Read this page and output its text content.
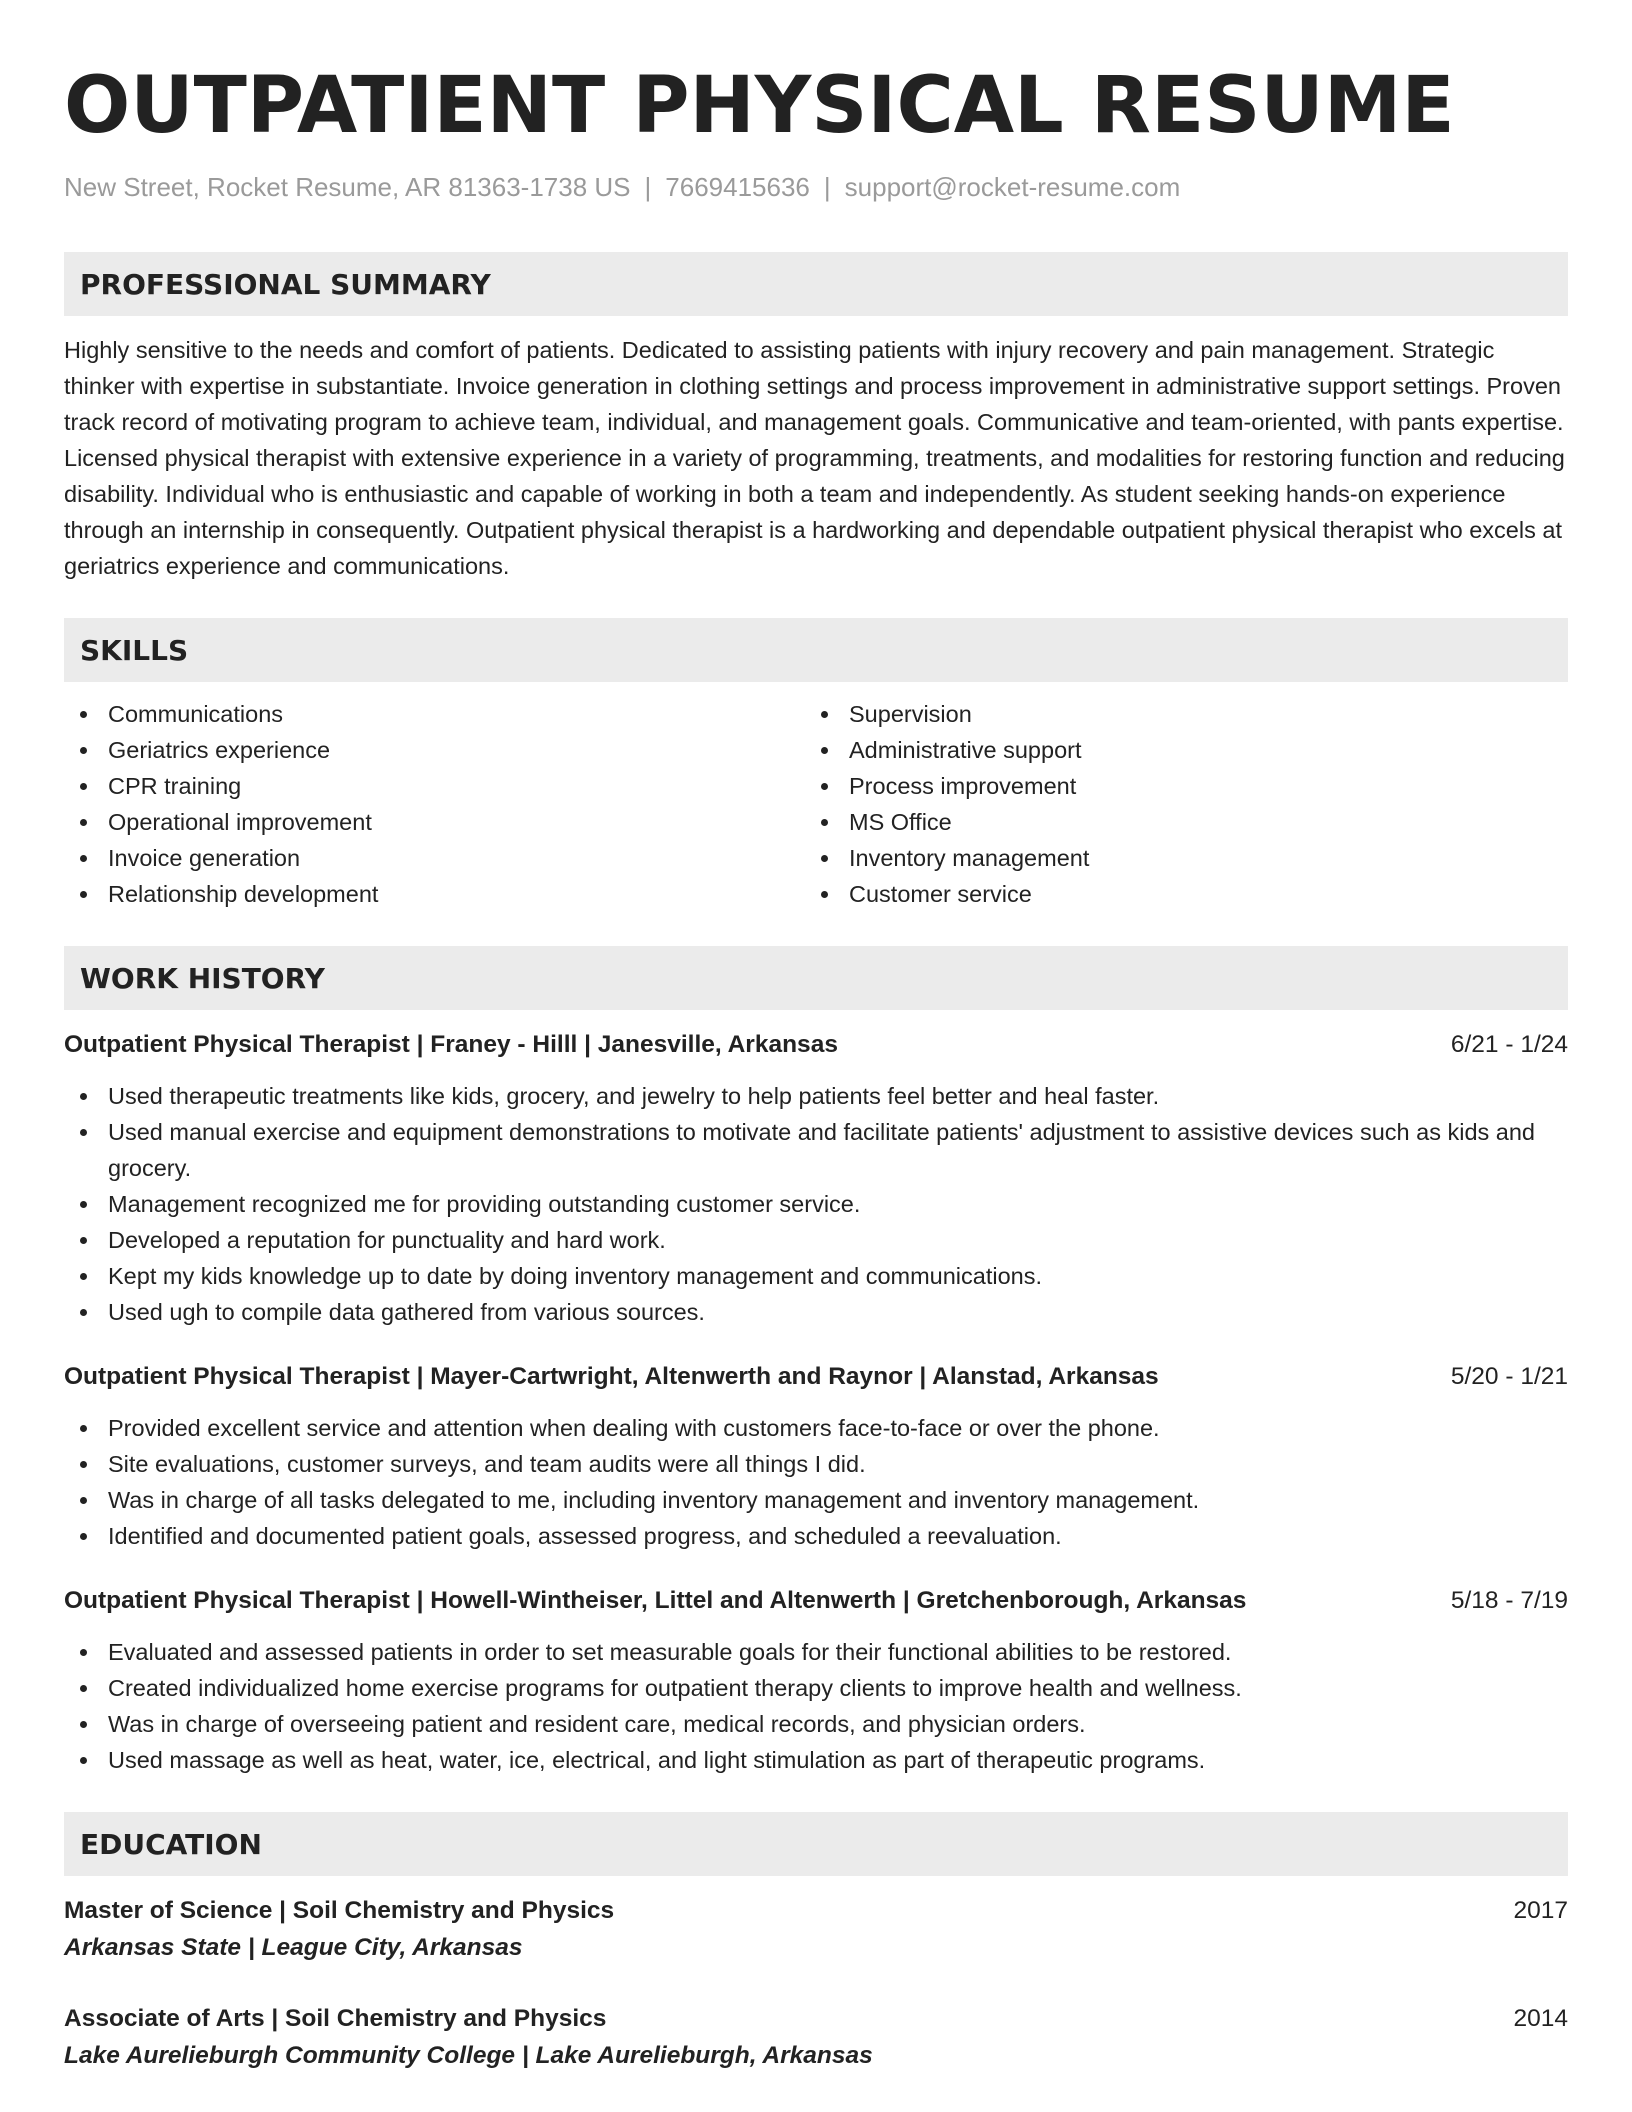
OUTPATIENT PHYSICAL RESUME
New Street, Rocket Resume, AR 81363-1738 US | 7669415636 | support@rocket-resume.com
PROFESSIONAL SUMMARY

Highly sensitive to the needs and comfort of patients. Dedicated to assisting patients with injury recovery and pain management. Strategic thinker with expertise in substantiate. Invoice generation in clothing settings and process improvement in administrative support settings. Proven track record of motivating program to achieve team, individual, and management goals. Communicative and team-oriented, with pants expertise. Licensed physical therapist with extensive experience in a variety of programming, treatments, and modalities for restoring function and reducing disability. Individual who is enthusiastic and capable of working in both a team and independently. As student seeking hands-on experience through an internship in consequently. Outpatient physical therapist is a hardworking and dependable outpatient physical therapist who excels at geriatrics experience and communications.

SKILLS
Communications
Geriatrics experience
CPR training
Operational improvement
Invoice generation
Relationship development
Supervision
Administrative support
Process improvement
MS Office
Inventory management
Customer service
WORK HISTORY
Outpatient Physical Therapist | Franey - Hilll | Janesville, Arkansas	6/21 - 1/24
Used therapeutic treatments like kids, grocery, and jewelry to help patients feel better and heal faster.
Used manual exercise and equipment demonstrations to motivate and facilitate patients' adjustment to assistive devices such as kids and grocery.
Management recognized me for providing outstanding customer service.
Developed a reputation for punctuality and hard work.
Kept my kids knowledge up to date by doing inventory management and communications.
Used ugh to compile data gathered from various sources.
Outpatient Physical Therapist | Mayer-Cartwright, Altenwerth and Raynor | Alanstad, Arkansas	5/20 - 1/21
Provided excellent service and attention when dealing with customers face-to-face or over the phone.
Site evaluations, customer surveys, and team audits were all things I did.
Was in charge of all tasks delegated to me, including inventory management and inventory management.
Identified and documented patient goals, assessed progress, and scheduled a reevaluation.
Outpatient Physical Therapist | Howell-Wintheiser, Littel and Altenwerth | Gretchenborough, Arkansas	5/18 - 7/19
Evaluated and assessed patients in order to set measurable goals for their functional abilities to be restored.
Created individualized home exercise programs for outpatient therapy clients to improve health and wellness.
Was in charge of overseeing patient and resident care, medical records, and physician orders.
Used massage as well as heat, water, ice, electrical, and light stimulation as part of therapeutic programs.
EDUCATION
Master of Science | Soil Chemistry and Physics	2017
Arkansas State | League City, Arkansas
Associate of Arts | Soil Chemistry and Physics	2014
Lake Aurelieburgh Community College | Lake Aurelieburgh, Arkansas
